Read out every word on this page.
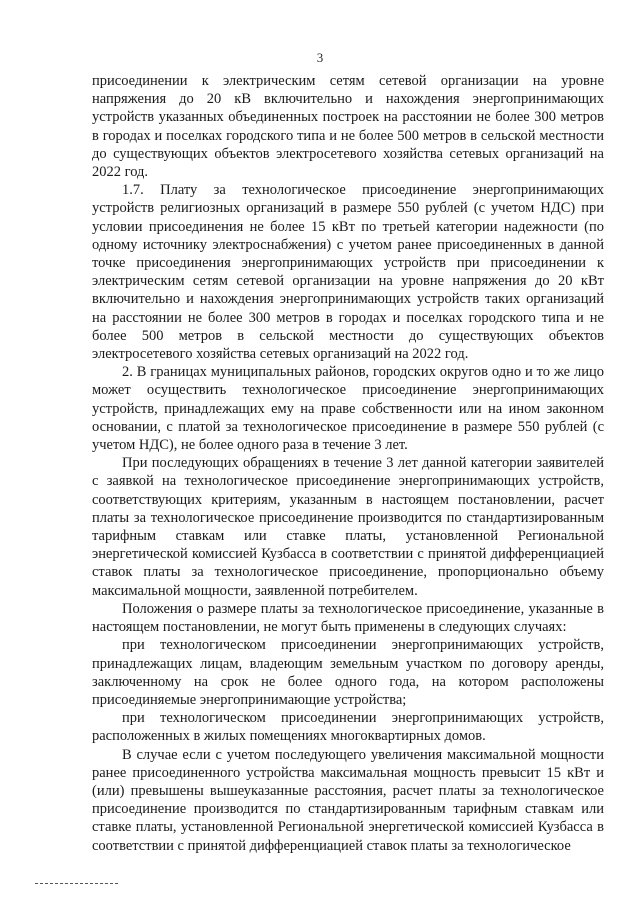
3

присоединении к электрическим сетям сетевой организации на уровне напряжения до 20 кВ включительно и нахождения энергопринимающих устройств указанных объединенных построек на расстоянии не более 300 метров в городах и поселках городского типа и не более 500 метров в сельской местности до существующих объектов электросетевого хозяйства сетевых организаций на 2022 год.

1.7. Плату за технологическое присоединение энергопринимающих устройств религиозных организаций в размере 550 рублей (с учетом НДС) при условии присоединения не более 15 кВт по третьей категории надежности (по одному источнику электроснабжения) с учетом ранее присоединенных в данной точке присоединения энергопринимающих устройств при присоединении к электрическим сетям сетевой организации на уровне напряжения до 20 кВт включительно и нахождения энергопринимающих устройств таких организаций на расстоянии не более 300 метров в городах и поселках городского типа и не более 500 метров в сельской местности до существующих объектов электросетевого хозяйства сетевых организаций на 2022 год.

2. В границах муниципальных районов, городских округов одно и то же лицо может осуществить технологическое присоединение энергопринимающих устройств, принадлежащих ему на праве собственности или на ином законном основании, с платой за технологическое присоединение в размере 550 рублей (с учетом НДС), не более одного раза в течение 3 лет.

При последующих обращениях в течение 3 лет данной категории заявителей с заявкой на технологическое присоединение энергопринимающих устройств, соответствующих критериям, указанным в настоящем постановлении, расчет платы за технологическое присоединение производится по стандартизированным тарифным ставкам или ставке платы, установленной Региональной энергетической комиссией Кузбасса в соответствии с принятой дифференциацией ставок платы за технологическое присоединение, пропорционально объему максимальной мощности, заявленной потребителем.

Положения о размере платы за технологическое присоединение, указанные в настоящем постановлении, не могут быть применены в следующих случаях:

при технологическом присоединении энергопринимающих устройств, принадлежащих лицам, владеющим земельным участком по договору аренды, заключенному на срок не более одного года, на котором расположены присоединяемые энергопринимающие устройства;

при технологическом присоединении энергопринимающих устройств, расположенных в жилых помещениях многоквартирных домов.

В случае если с учетом последующего увеличения максимальной мощности ранее присоединенного устройства максимальная мощность превысит 15 кВт и (или) превышены вышеуказанные расстояния, расчет платы за технологическое присоединение производится по стандартизированным тарифным ставкам или ставке платы, установленной Региональной энергетической комиссией Кузбасса в соответствии с принятой дифференциацией ставок платы за технологическое
